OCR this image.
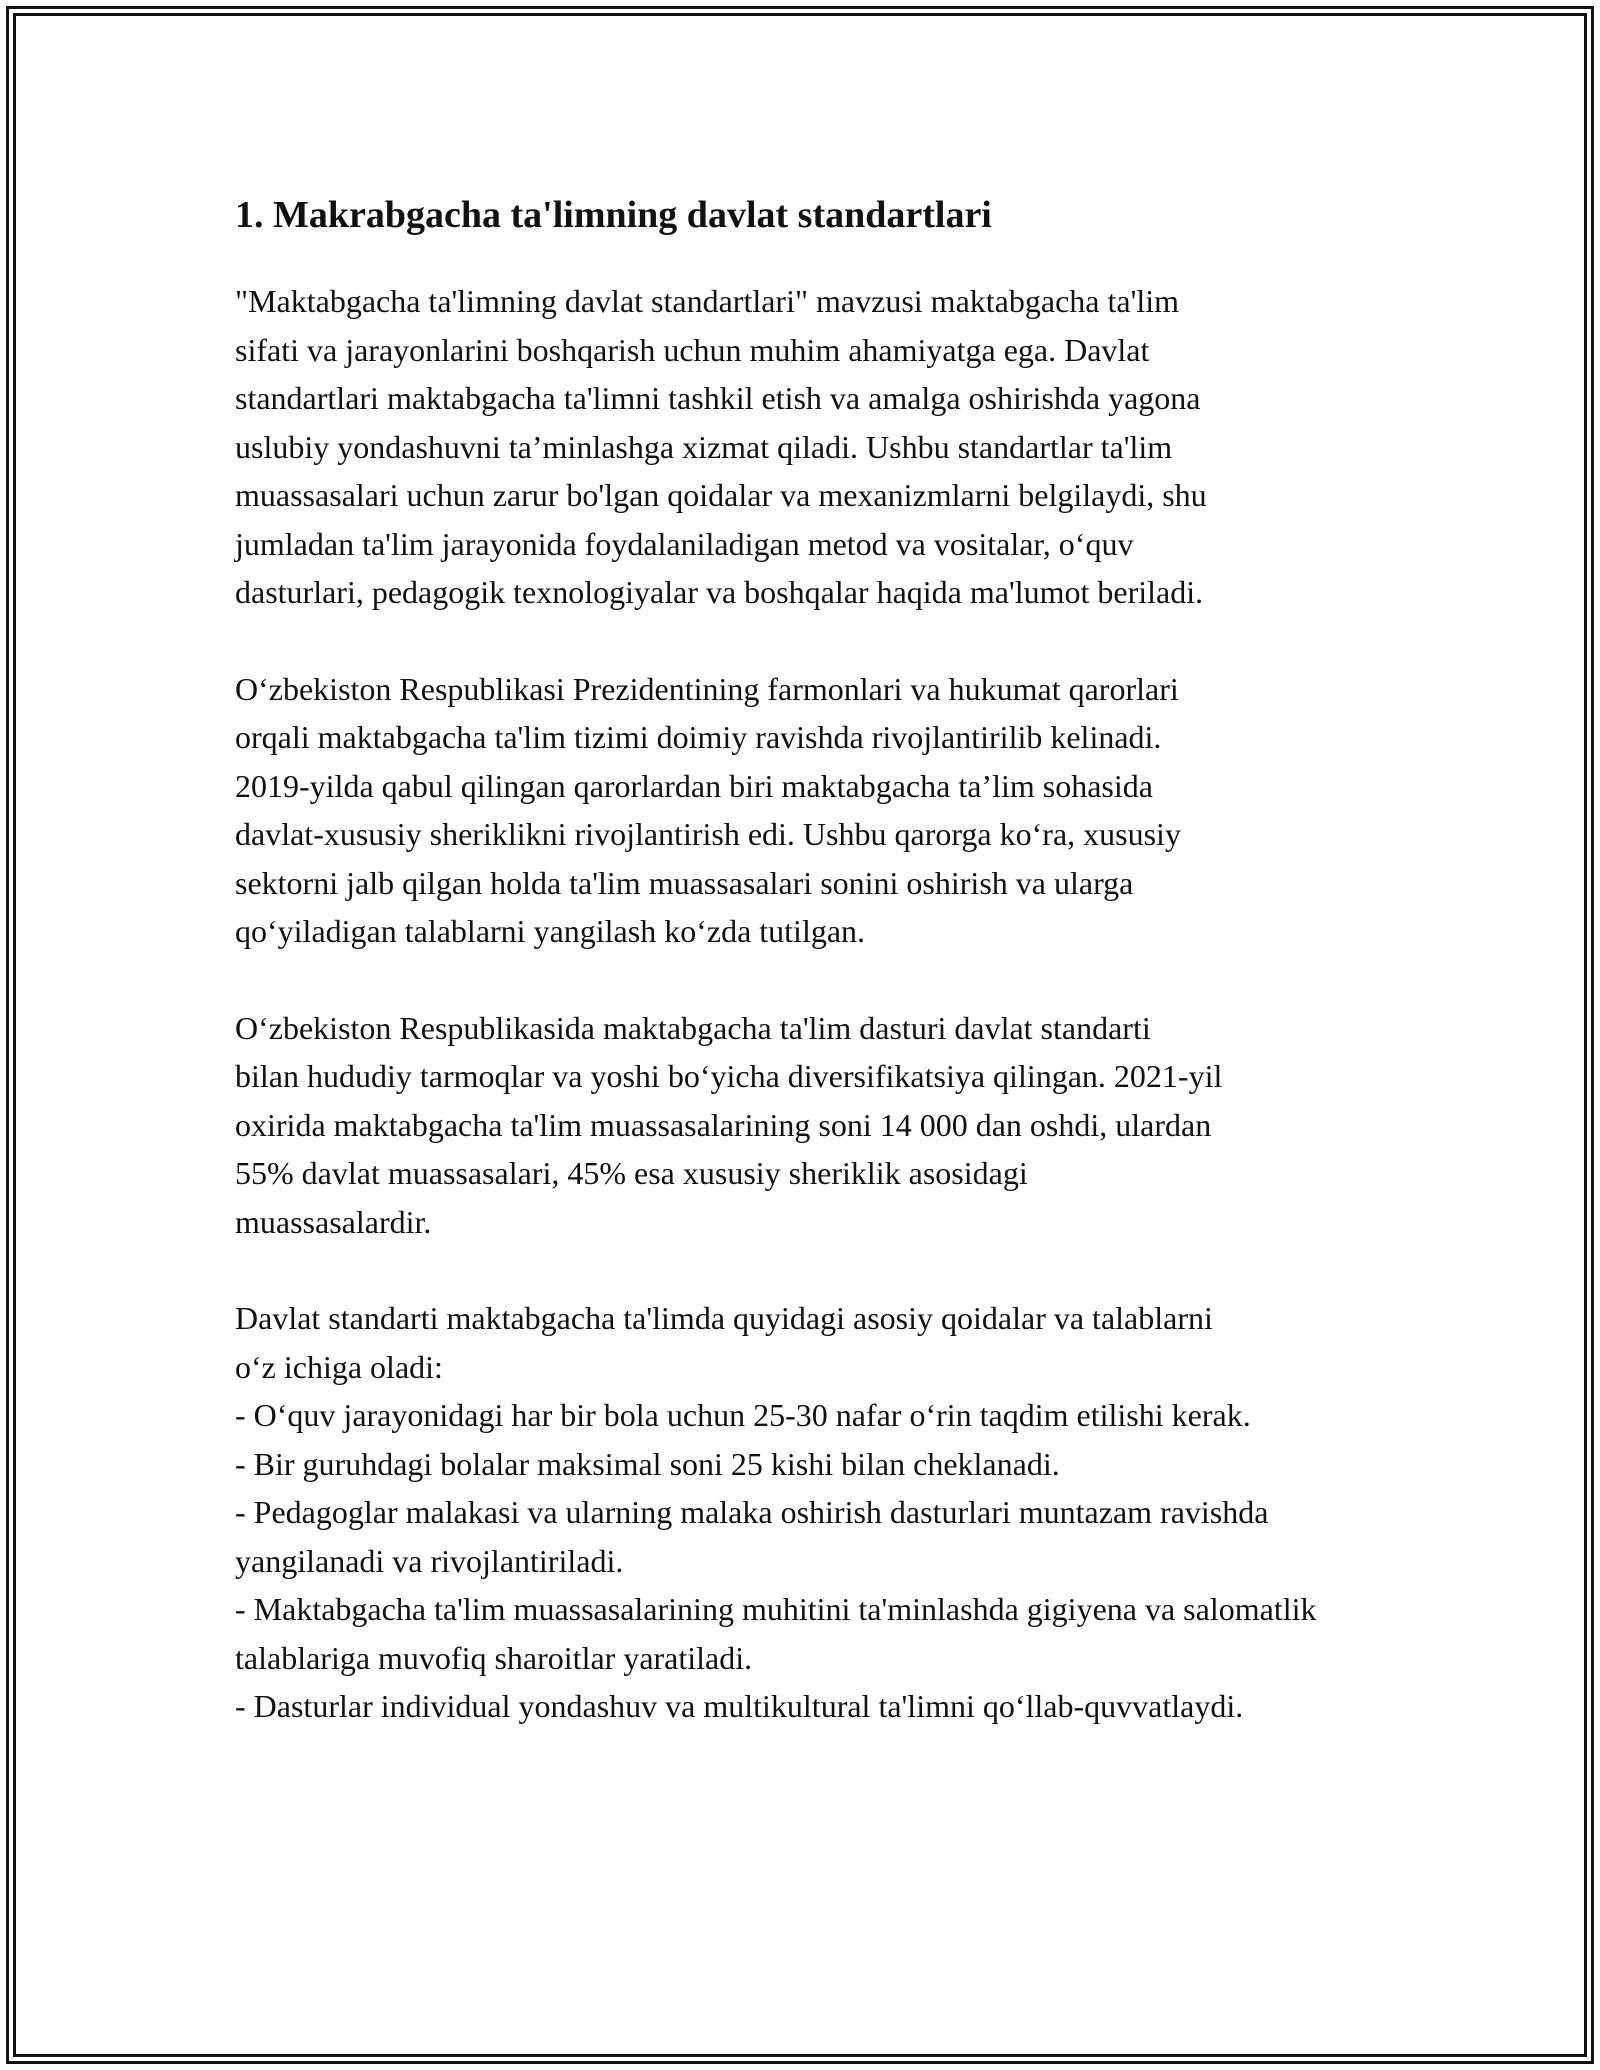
1. Makrabgacha ta'limning davlat standartlari

"Maktabgacha ta'limning davlat standartlari" mavzusi maktabgacha ta'lim
sifati va jarayonlarini boshqarish uchun muhim ahamiyatga ega. Davlat
standartlari maktabgacha ta'limni tashkil etish va amalga oshirishda yagona
uslubiy yondashuvni ta’minlashga xizmat qiladi. Ushbu standartlar ta'lim
muassasalari uchun zarur bo'lgan qoidalar va mexanizmlarni belgilaydi, shu
jumladan ta'lim jarayonida foydalaniladigan metod va vositalar, o‘quv
dasturlari, pedagogik texnologiyalar va boshqalar haqida ma'lumot beriladi.

O‘zbekiston Respublikasi Prezidentining farmonlari va hukumat qarorlari
orqali maktabgacha ta'lim tizimi doimiy ravishda rivojlantirilib kelinadi.
2019-yilda qabul qilingan qarorlardan biri maktabgacha ta’lim sohasida
davlat-xususiy sheriklikni rivojlantirish edi. Ushbu qarorga ko‘ra, xususiy
sektorni jalb qilgan holda ta'lim muassasalari sonini oshirish va ularga
qo‘yiladigan talablarni yangilash ko‘zda tutilgan.

O‘zbekiston Respublikasida maktabgacha ta'lim dasturi davlat standarti
bilan hududiy tarmoqlar va yoshi bo‘yicha diversifikatsiya qilingan. 2021-yil
oxirida maktabgacha ta'lim muassasalarining soni 14 000 dan oshdi, ulardan
55% davlat muassasalari, 45% esa xususiy sheriklik asosidagi
muassasalardir.

Davlat standarti maktabgacha ta'limda quyidagi asosiy qoidalar va talablarni
o‘z ichiga oladi:
- O‘quv jarayonidagi har bir bola uchun 25-30 nafar o‘rin taqdim etilishi kerak.
- Bir guruhdagi bolalar maksimal soni 25 kishi bilan cheklanadi.
- Pedagoglar malakasi va ularning malaka oshirish dasturlari muntazam ravishda yangilanadi va rivojlantiriladi.
- Maktabgacha ta'lim muassasalarining muhitini ta'minlashda gigiyena va salomatlik talablariga muvofiq sharoitlar yaratiladi.
- Dasturlar individual yondashuv va multikultural ta'limni qo‘llab-quvvatlaydi.
